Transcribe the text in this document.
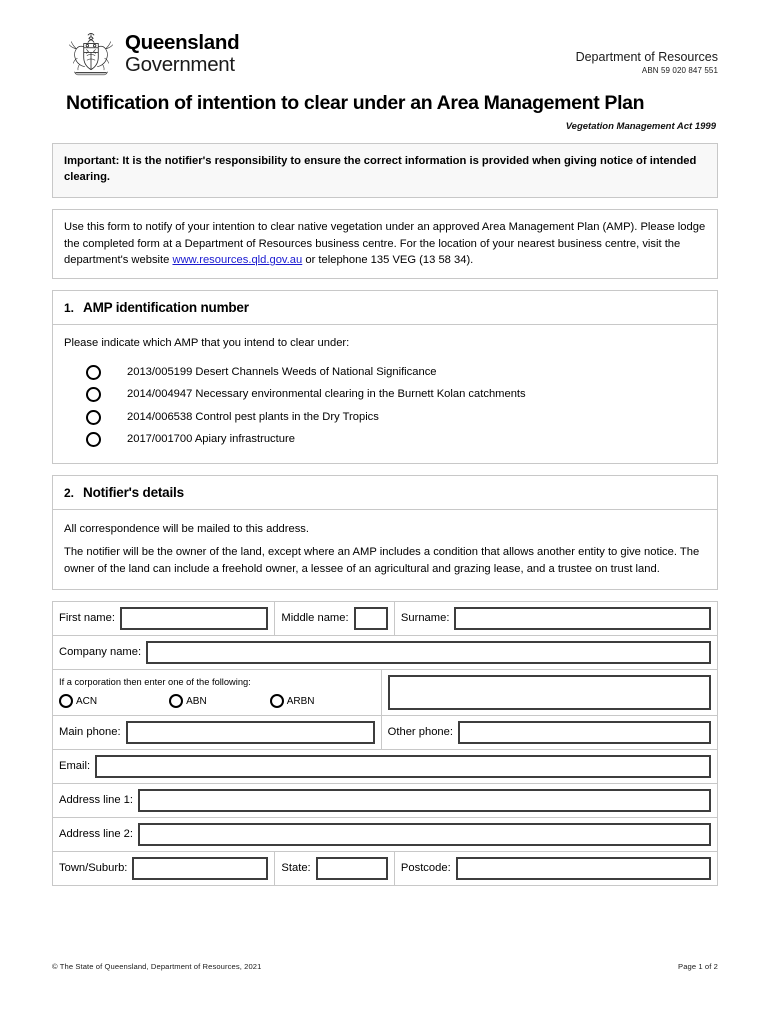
Queensland
Government	Department of Resources
ABN 59 020 847 551
Notification of intention to clear under an Area Management Plan
Vegetation Management Act 1999

Important: It is the notifier's responsibility to ensure the correct information is provided when giving notice of intended clearing.

Use this form to notify of your intention to clear native vegetation under an approved Area Management Plan (AMP). Please lodge the completed form at a Department of Resources business centre. For the location of your nearest business centre, visit the department's website www.resources.qld.gov.au or telephone 135 VEG (13 58 34).

1. AMP identification number

Please indicate which AMP that you intend to clear under:

2013/005199 Desert Channels Weeds of National Significance
2014/004947 Necessary environmental clearing in the Burnett Kolan catchments
2014/006538 Control pest plants in the Dry Tropics
2017/001700 Apiary infrastructure
2. Notifier's details

All correspondence will be mailed to this address.

The notifier will be the owner of the land, except where an AMP includes a condition that allows another entity to give notice. The owner of the land can include a freehold owner, a lessee of an agricultural and grazing lease, and a trustee on trust land.

First name:	Middle name:		Surname:

Company name:			

If a corporation then enter one of the following:

ACN ABN ARBN			

Main phone:		Other phone:	

Email:			

Address line 1:			

Address line 2:			

Town/Suburb:	State:		Postcode:
© The State of Queensland, Department of Resources, 2021	Page 1 of 2
